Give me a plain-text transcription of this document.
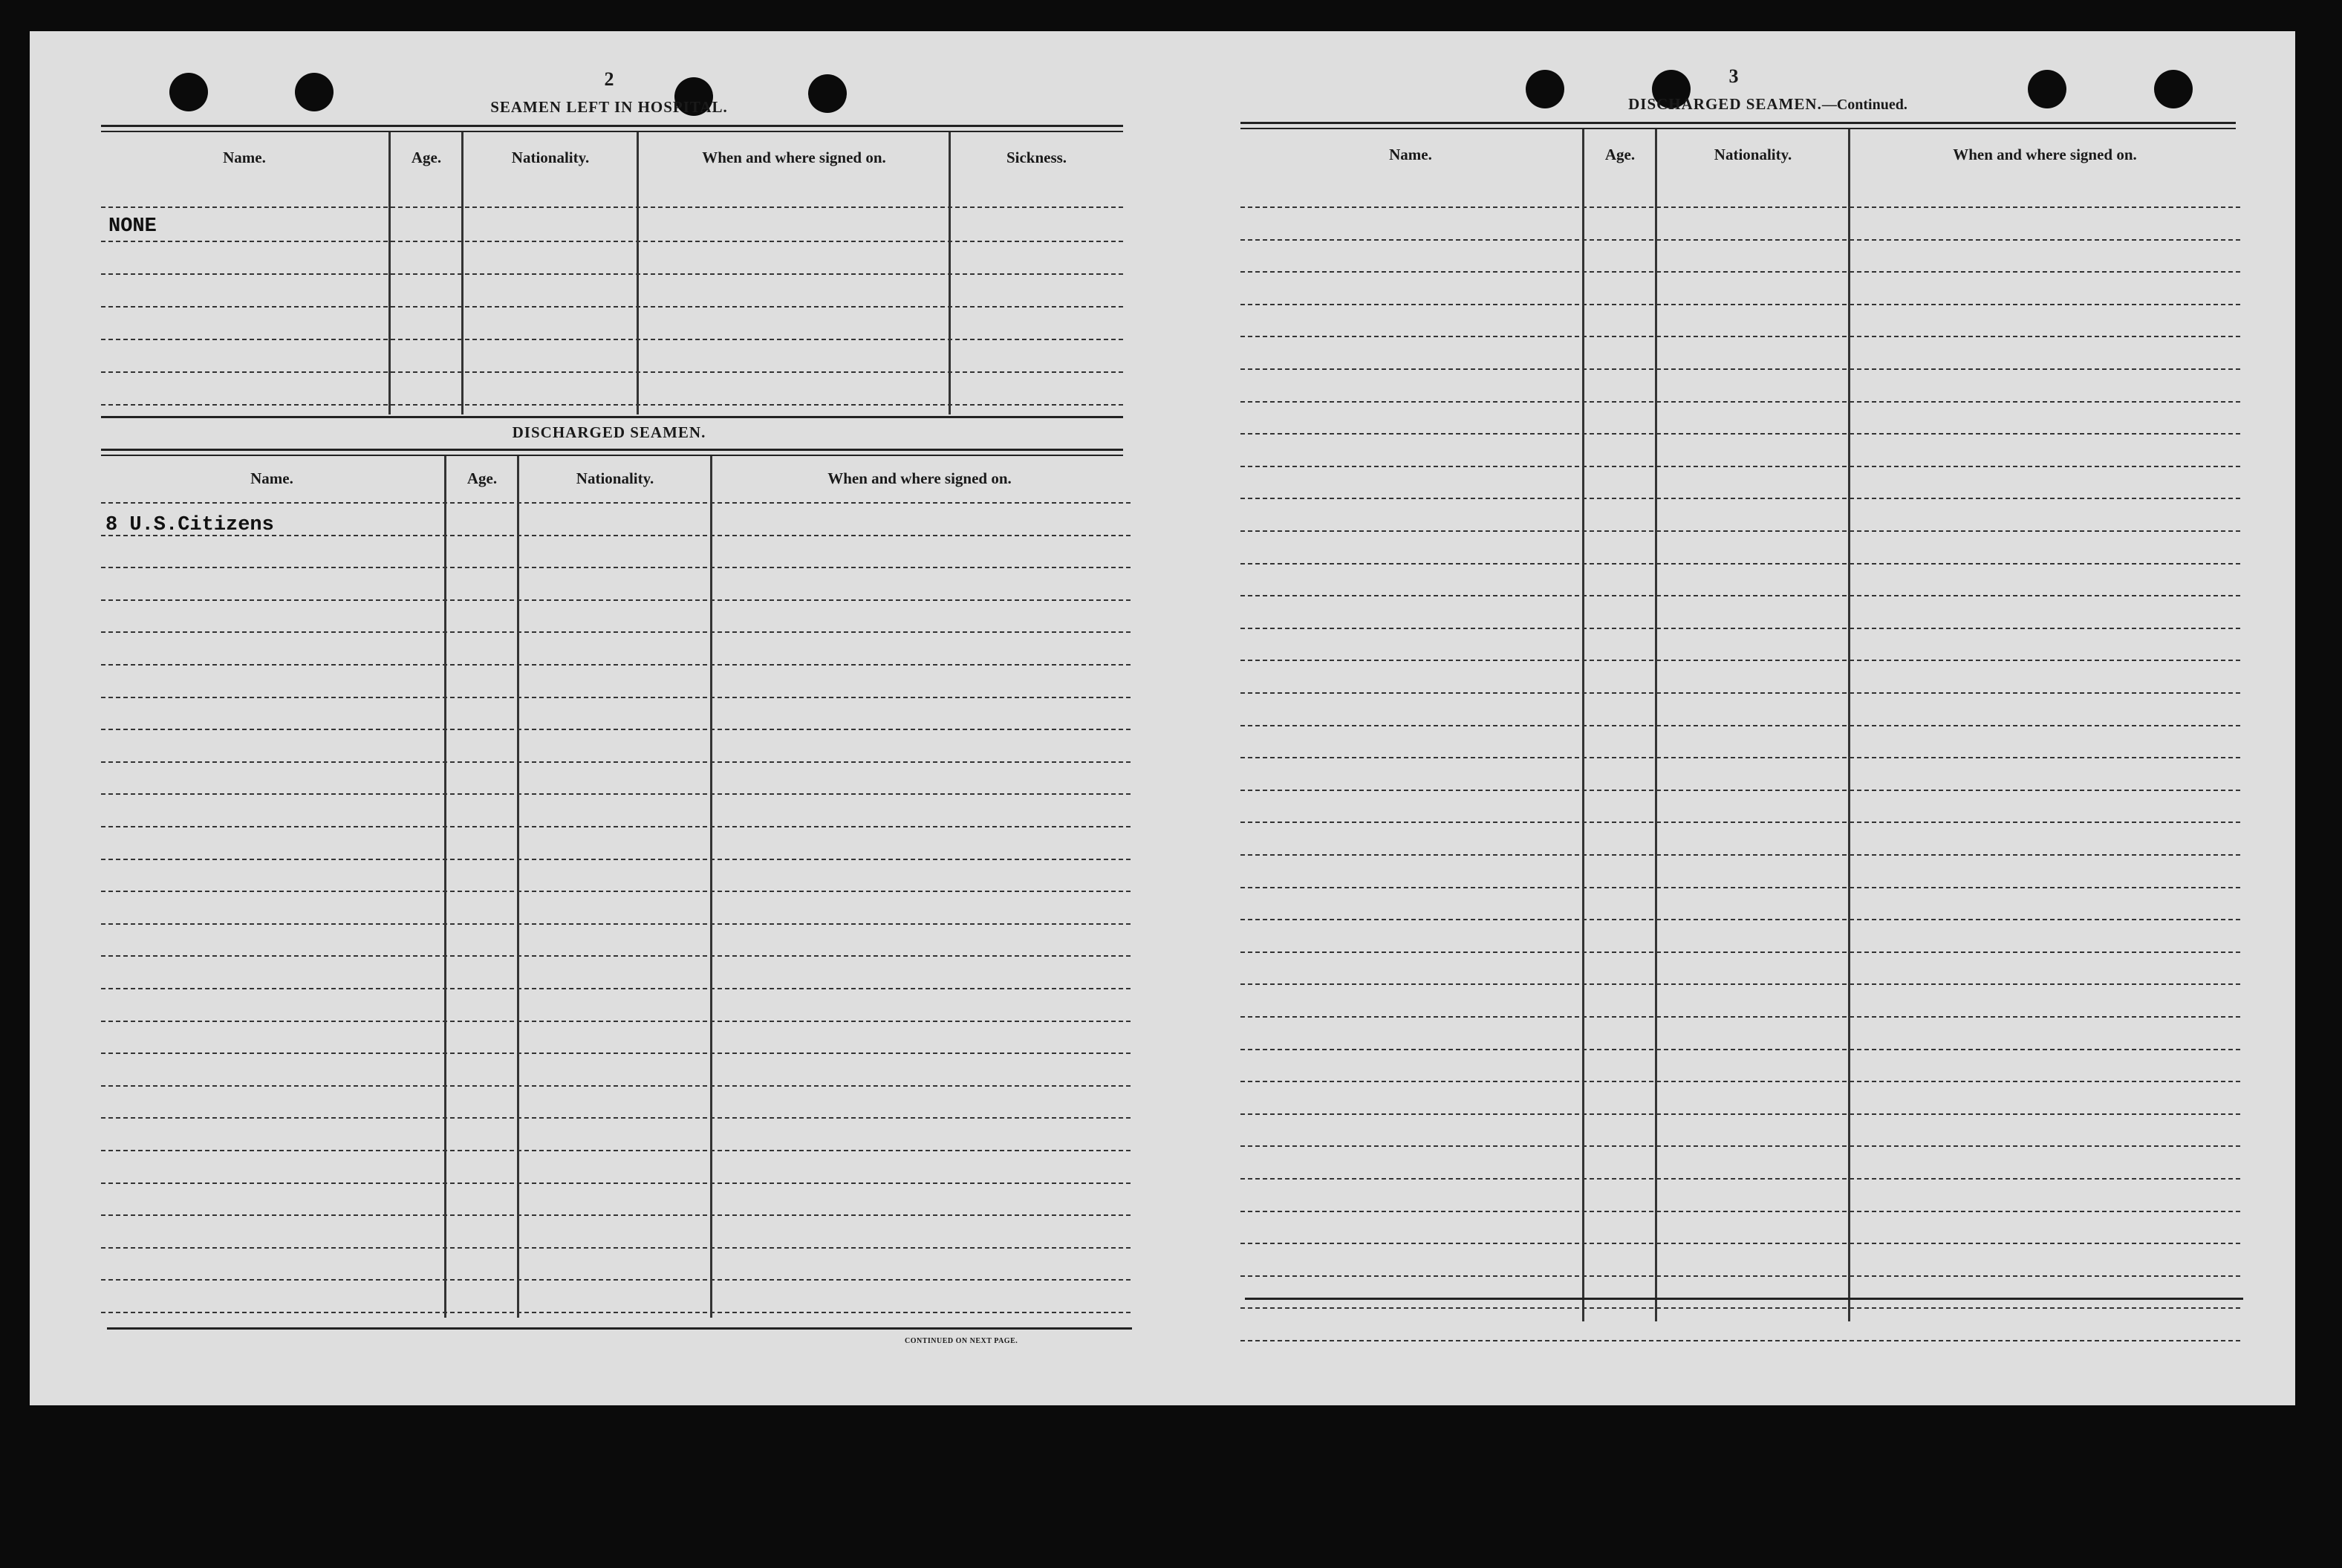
2
SEAMEN LEFT IN HOSPITAL.
Name.	Age.	Nationality.	When and where signed on.	Sickness.
NONE
DISCHARGED SEAMEN.
Name.	Age.	Nationality.	When and where signed on.
8 U.S.Citizens
CONTINUED ON NEXT PAGE.
3
DISCHARGED SEAMEN.—Continued.
Name.	Age.	Nationality.	When and where signed on.
